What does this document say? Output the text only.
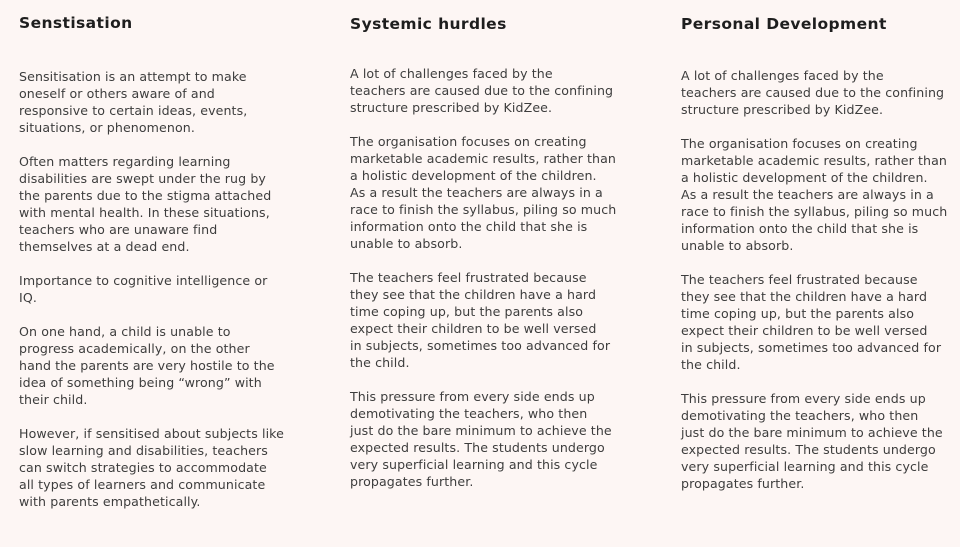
Senstisation

Sensitisation is an attempt to make
oneself or others aware of and
responsive to certain ideas, events,
situations, or phenomenon.

Often matters regarding learning
disabilities are swept under the rug by
the parents due to the stigma attached
with mental health. In these situations,
teachers who are unaware find
themselves at a dead end.

Importance to cognitive intelligence or
IQ.

On one hand, a child is unable to
progress academically, on the other
hand the parents are very hostile to the
idea of something being “wrong” with
their child.

However, if sensitised about subjects like
slow learning and disabilities, teachers
can switch strategies to accommodate
all types of learners and communicate
with parents empathetically.

Systemic hurdles

A lot of challenges faced by the
teachers are caused due to the confining
structure prescribed by KidZee.

The organisation focuses on creating
marketable academic results, rather than
a holistic development of the children.
As a result the teachers are always in a
race to finish the syllabus, piling so much
information onto the child that she is
unable to absorb.

The teachers feel frustrated because
they see that the children have a hard
time coping up, but the parents also
expect their children to be well versed
in subjects, sometimes too advanced for
the child.

This pressure from every side ends up
demotivating the teachers, who then
just do the bare minimum to achieve the
expected results. The students undergo
very superficial learning and this cycle
propagates further.

Personal Development

A lot of challenges faced by the
teachers are caused due to the confining
structure prescribed by KidZee.

The organisation focuses on creating
marketable academic results, rather than
a holistic development of the children.
As a result the teachers are always in a
race to finish the syllabus, piling so much
information onto the child that she is
unable to absorb.

The teachers feel frustrated because
they see that the children have a hard
time coping up, but the parents also
expect their children to be well versed
in subjects, sometimes too advanced for
the child.

This pressure from every side ends up
demotivating the teachers, who then
just do the bare minimum to achieve the
expected results. The students undergo
very superficial learning and this cycle
propagates further.
